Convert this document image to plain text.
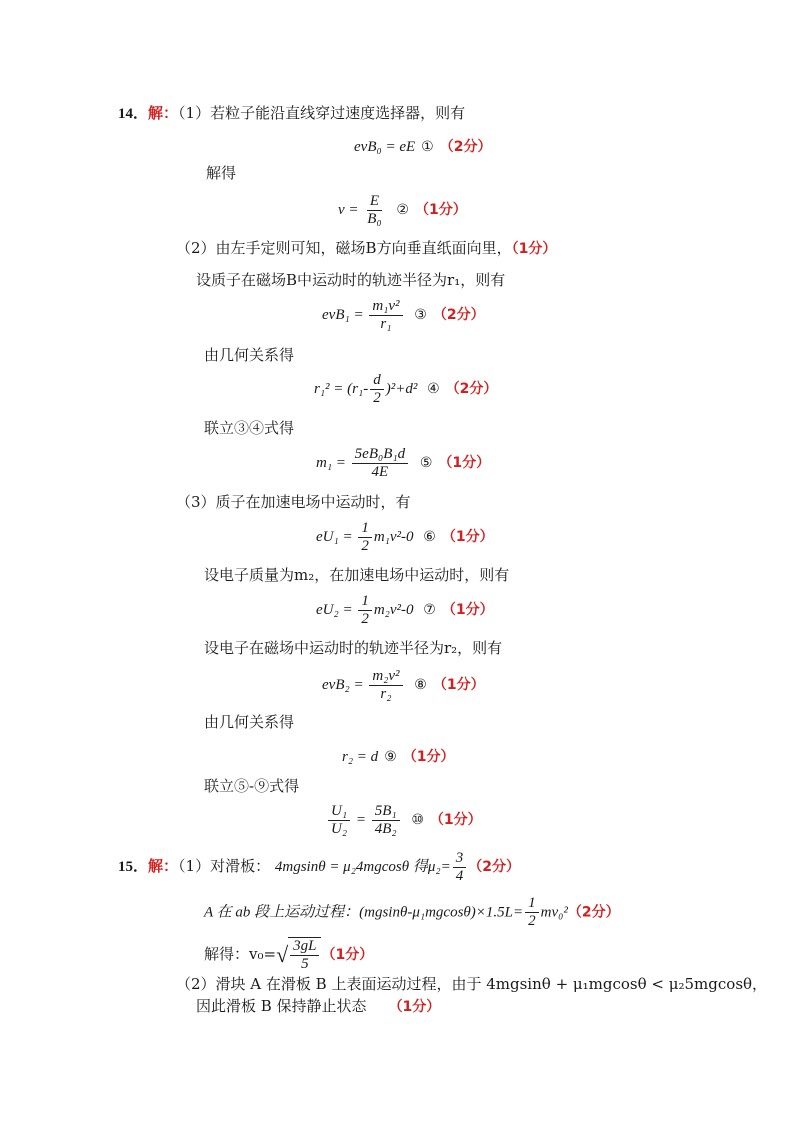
14．解：（1）若粒子能沿直线穿过速度选择器，则有
evB₀ = eE ① （2分）
解得
$v = \frac{E}{\text{B₀}}$ ② （1分）
（2）由左手定则可知，磁场B方向垂直纸面向里，（1分）
设质子在磁场B中运动时的轨迹半径为r₁，则有
$evB_1 = \frac{\text{m₁v²}}{\text{r₁}}$ ③ （2分）
由几何关系得
$r_1^2 = (r_1- \frac{d}{2} )^2+d^2$ ④ （2分）
联立③④式得
$m_1 = \frac{\text{5eB₀B₁d}}{4E}$ ⑤ （1分）
（3）质子在加速电场中运动时，有
$eU_1 = \frac{1}{2} m_1v^2-0$ ⑥ （1分）
设电子质量为m₂，在加速电场中运动时，则有
$eU_2 = \frac{1}{2} m_2v^2-0$ ⑦ （1分）
设电子在磁场中运动时的轨迹半径为r₂，则有
$evB_2 = \frac{\text{m₂v²}}{\text{r₂}}$ ⑧ （1分）
由几何关系得
r₂ = d ⑨ （1分）
联立⑤-⑨式得
$\frac{\text{U₁}}{\text{U₂}} = \frac{\text{5B₁}}{\text{4B₂}}$ ⑩ （1分）
15．解：（1）对滑板： 4mgsinθ = μ₂4mgcosθ 得$\mu_2= \frac{3}{4} (2$分）
A 在 ab 段上运动过程：$(mgsin\theta-\mu_1mgcos\theta)\times 1.5L= \frac{1}{2} mv_0^2(2$分）
解得：v₀= √ $\frac{3gL}{5} (1$分）
（2）滑块 A 在滑板 B 上表面运动过程，由于 4mgsinθ + μ₁mgcosθ < μ₂5mgcosθ，
因此滑板 B 保持静止状态 （1分）
